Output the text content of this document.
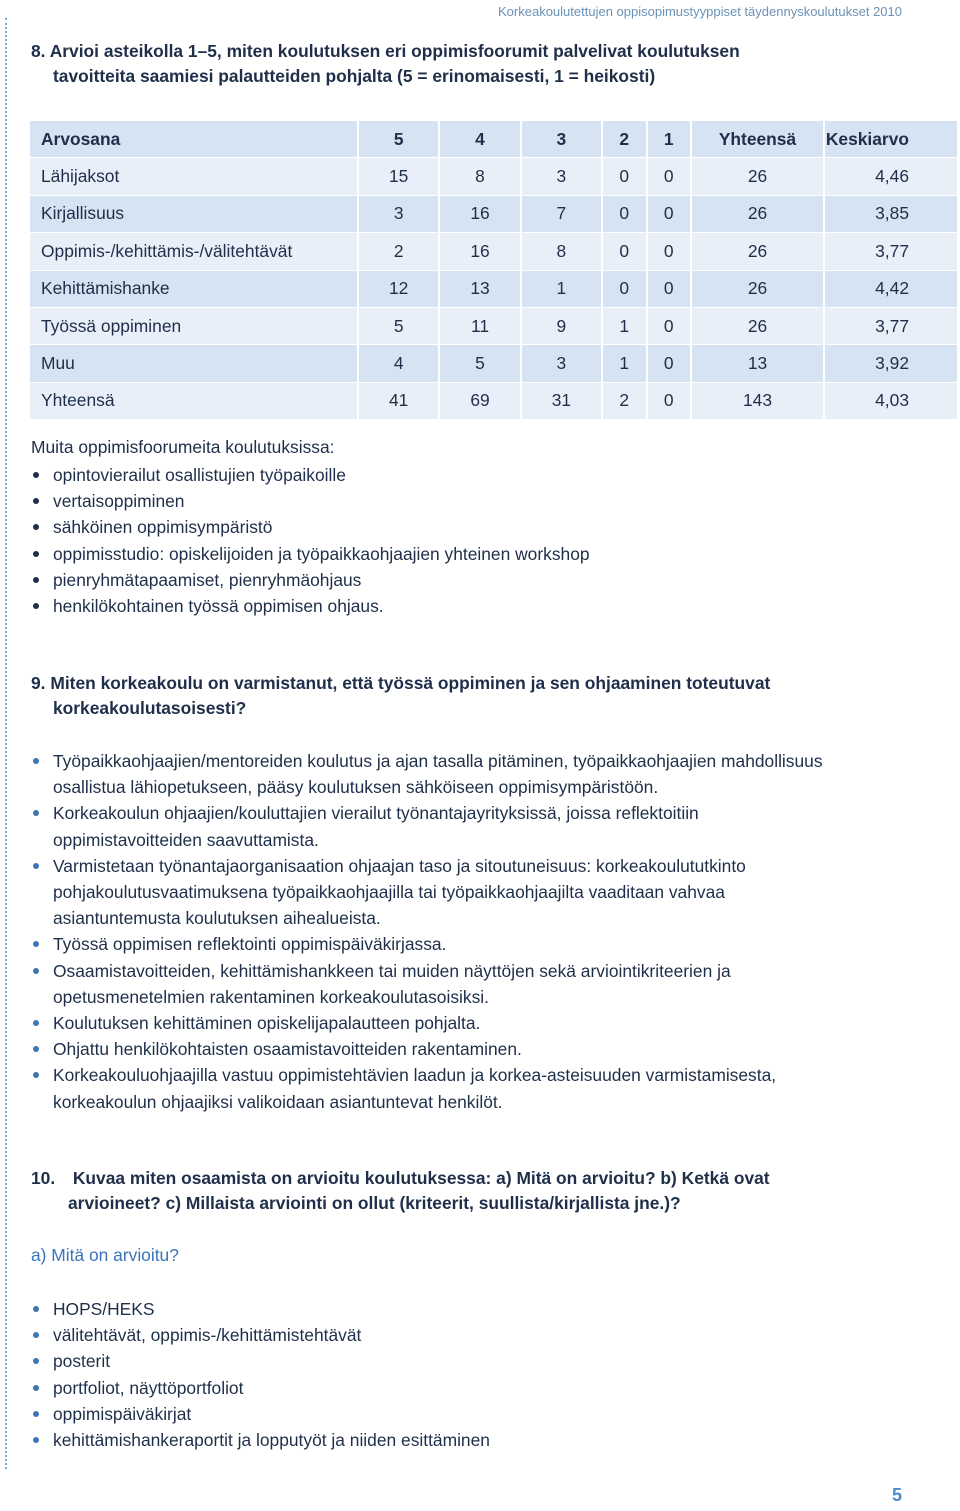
Korkeakoulutettujen oppisopimustyyppiset täydennyskoulutukset 2010
8. Arvioi asteikolla 1–5, miten koulutuksen eri oppimisfoorumit palvelivat koulutuksen
tavoitteita saamiesi palautteiden pohjalta (5 = erinomaisesti, 1 = heikosti)
Arvosana	5	4	3	2	1	Yhteensä	Keskiarvo
Lähijaksot	15	8	3	0	0	26	4,46
Kirjallisuus	3	16	7	0	0	26	3,85
Oppimis-/kehittämis-/välitehtävät	2	16	8	0	0	26	3,77
Kehittämishanke	12	13	1	0	0	26	4,42
Työssä oppiminen	5	11	9	1	0	26	3,77
Muu	4	5	3	1	0	13	3,92
Yhteensä	41	69	31	2	0	143	4,03
Muita oppimisfoorumeita koulutuksissa:
opintovierailut osallistujien työpaikoille
vertaisoppiminen
sähköinen oppimisympäristö
oppimisstudio: opiskelijoiden ja työpaikkaohjaajien yhteinen workshop
pienryhmätapaamiset, pienryhmäohjaus
henkilökohtainen työssä oppimisen ohjaus.
9. Miten korkeakoulu on varmistanut, että työssä oppiminen ja sen ohjaaminen toteutuvat
korkeakoulutasoisesti?
Työpaikkaohjaajien/mentoreiden koulutus ja ajan tasalla pitäminen, työpaikkaohjaajien mahdollisuus osallistua lähiopetukseen, pääsy koulutuksen sähköiseen oppimisympäristöön.
Korkeakoulun ohjaajien/kouluttajien vierailut työnantajayrityksissä, joissa reflektoitiin oppimistavoitteiden saavuttamista.
Varmistetaan työnantajaorganisaation ohjaajan taso ja sitoutuneisuus: korkeakoulututkinto pohjakoulutusvaatimuksena työpaikkaohjaajilla tai työpaikkaohjaajilta vaaditaan vahvaa asiantuntemusta koulutuksen aihealueista.
Työssä oppimisen reflektointi oppimispäiväkirjassa.
Osaamistavoitteiden, kehittämishankkeen tai muiden näyttöjen sekä arviointikriteerien ja opetusmenetelmien rakentaminen korkeakoulutasoisiksi.
Koulutuksen kehittäminen opiskelijapalautteen pohjalta.
Ohjattu henkilökohtaisten osaamistavoitteiden rakentaminen.
Korkeakouluohjaajilla vastuu oppimistehtävien laadun ja korkea-asteisuuden varmistamisesta, korkeakoulun ohjaajiksi valikoidaan asiantuntevat henkilöt.
10. Kuvaa miten osaamista on arvioitu koulutuksessa: a) Mitä on arvioitu? b) Ketkä ovat
arvioineet? c) Millaista arviointi on ollut (kriteerit, suullista/kirjallista jne.)?
a) Mitä on arvioitu?
HOPS/HEKS
välitehtävät, oppimis-/kehittämistehtävät
posterit
portfoliot, näyttöportfoliot
oppimispäiväkirjat
kehittämishankeraportit ja lopputyöt ja niiden esittäminen
5
